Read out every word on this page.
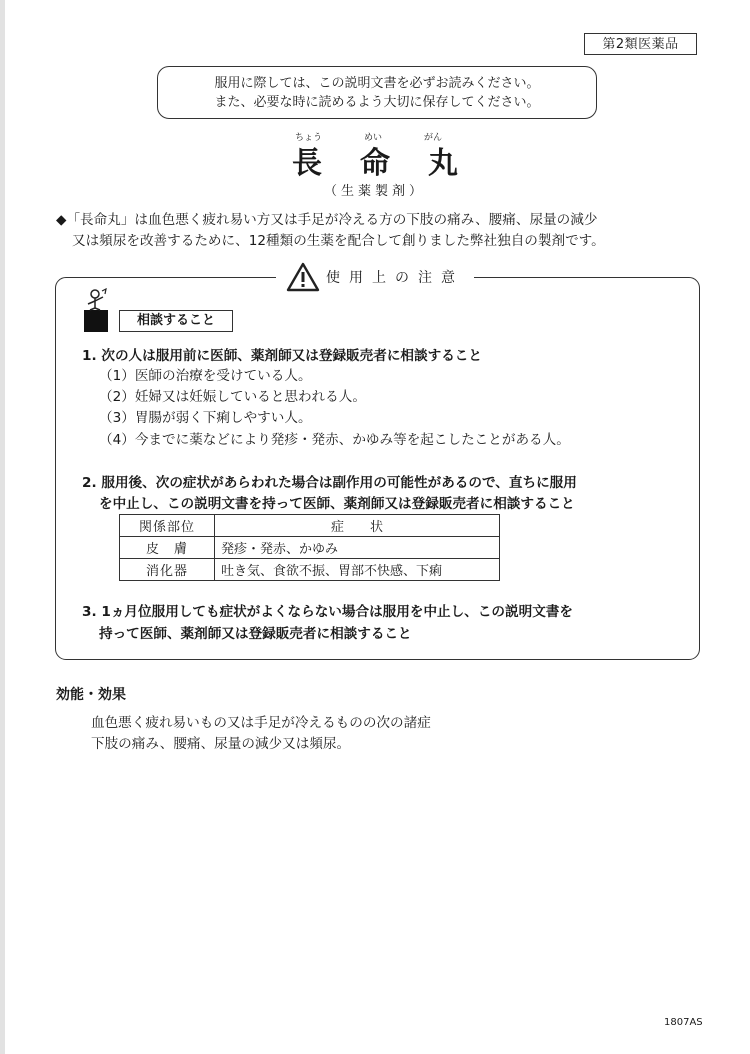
第2類医薬品
服用に際しては、この説明文書を必ずお読みください。
また、必要な時に読めるよう大切に保存してください。
ちょう	めい	がん
長 命 丸
（生薬製剤）
◆「長命丸」は血色悪く疲れ易い方又は手足が冷える方の下肢の痛み、腰痛、尿量の減少
又は頻尿を改善するために、12種類の生薬を配合して創りました弊社独自の製剤です。
使用上の注意
相談すること
1. 次の人は服用前に医師、薬剤師又は登録販売者に相談すること
（1）医師の治療を受けている人。
（2）妊婦又は妊娠していると思われる人。
（3）胃腸が弱く下痢しやすい人。
（4）今までに薬などにより発疹・発赤、かゆみ等を起こしたことがある人。
2. 服用後、次の症状があらわれた場合は副作用の可能性があるので、直ちに服用
を中止し、この説明文書を持って医師、薬剤師又は登録販売者に相談すること
関係部位	症　　状
皮　膚	発疹・発赤、かゆみ
消化器	吐き気、食欲不振、胃部不快感、下痢
3. 1ヵ月位服用しても症状がよくならない場合は服用を中止し、この説明文書を
持って医師、薬剤師又は登録販売者に相談すること
効能・効果
血色悪く疲れ易いもの又は手足が冷えるものの次の諸症
下肢の痛み、腰痛、尿量の減少又は頻尿。
1807AS
